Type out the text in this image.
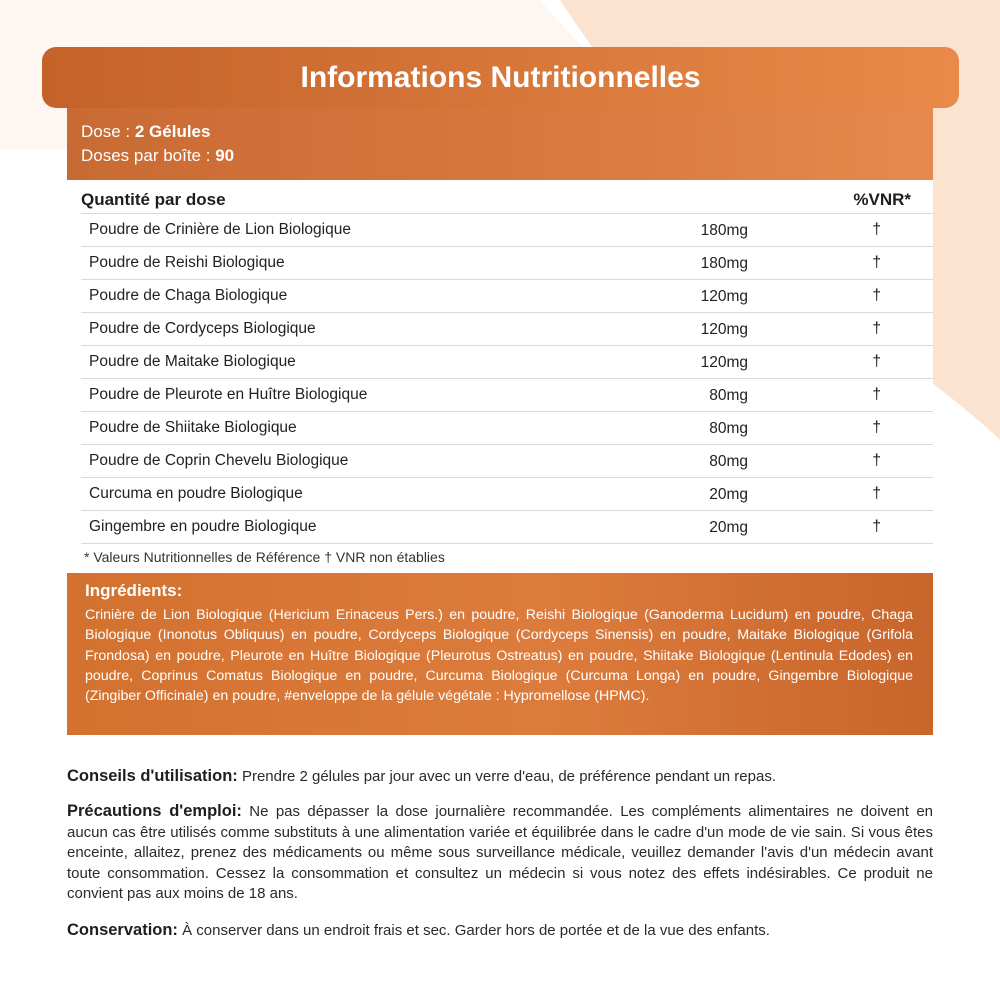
Informations Nutritionnelles
Dose : 2 Gélules
Doses par boîte : 90
Quantité par dose	%VNR*
Poudre de Crinière de Lion Biologique	180mg	†
Poudre de Reishi Biologique	180mg	†
Poudre de Chaga Biologique	120mg	†
Poudre de Cordyceps Biologique	120mg	†
Poudre de Maitake Biologique	120mg	†
Poudre de Pleurote en Huître Biologique	80mg	†
Poudre de Shiitake Biologique	80mg	†
Poudre de Coprin Chevelu Biologique	80mg	†
Curcuma en poudre Biologique	20mg	†
Gingembre en poudre Biologique	20mg	†
* Valeurs Nutritionnelles de Référence † VNR non établies
Ingrédients:
Crinière de Lion Biologique (Hericium Erinaceus Pers.) en poudre, Reishi Biologique (Ganoderma Lucidum) en poudre, Chaga Biologique (Inonotus Obliquus) en poudre, Cordyceps Biologique (Cordyceps Sinensis) en poudre, Maitake Biologique (Grifola Frondosa) en poudre, Pleurote en Huître Biologique (Pleurotus Ostreatus) en poudre, Shiitake Biologique (Lentinula Edodes) en poudre, Coprinus Comatus Biologique en poudre, Curcuma Biologique (Curcuma Longa) en poudre, Gingembre Biologique (Zingiber Officinale) en poudre, #enveloppe de la gélule végétale : Hypromellose (HPMC).
Conseils d'utilisation: Prendre 2 gélules par jour avec un verre d'eau, de préférence pendant un repas.
Précautions d'emploi: Ne pas dépasser la dose journalière recommandée. Les compléments alimentaires ne doivent en aucun cas être utilisés comme substituts à une alimentation variée et équilibrée dans le cadre d'un mode de vie sain. Si vous êtes enceinte, allaitez, prenez des médicaments ou même sous surveillance médicale, veuillez demander l'avis d'un médecin avant toute consommation. Cessez la consommation et consultez un médecin si vous notez des effets indésirables. Ce produit ne convient pas aux moins de 18 ans.
Conservation: À conserver dans un endroit frais et sec. Garder hors de portée et de la vue des enfants.
